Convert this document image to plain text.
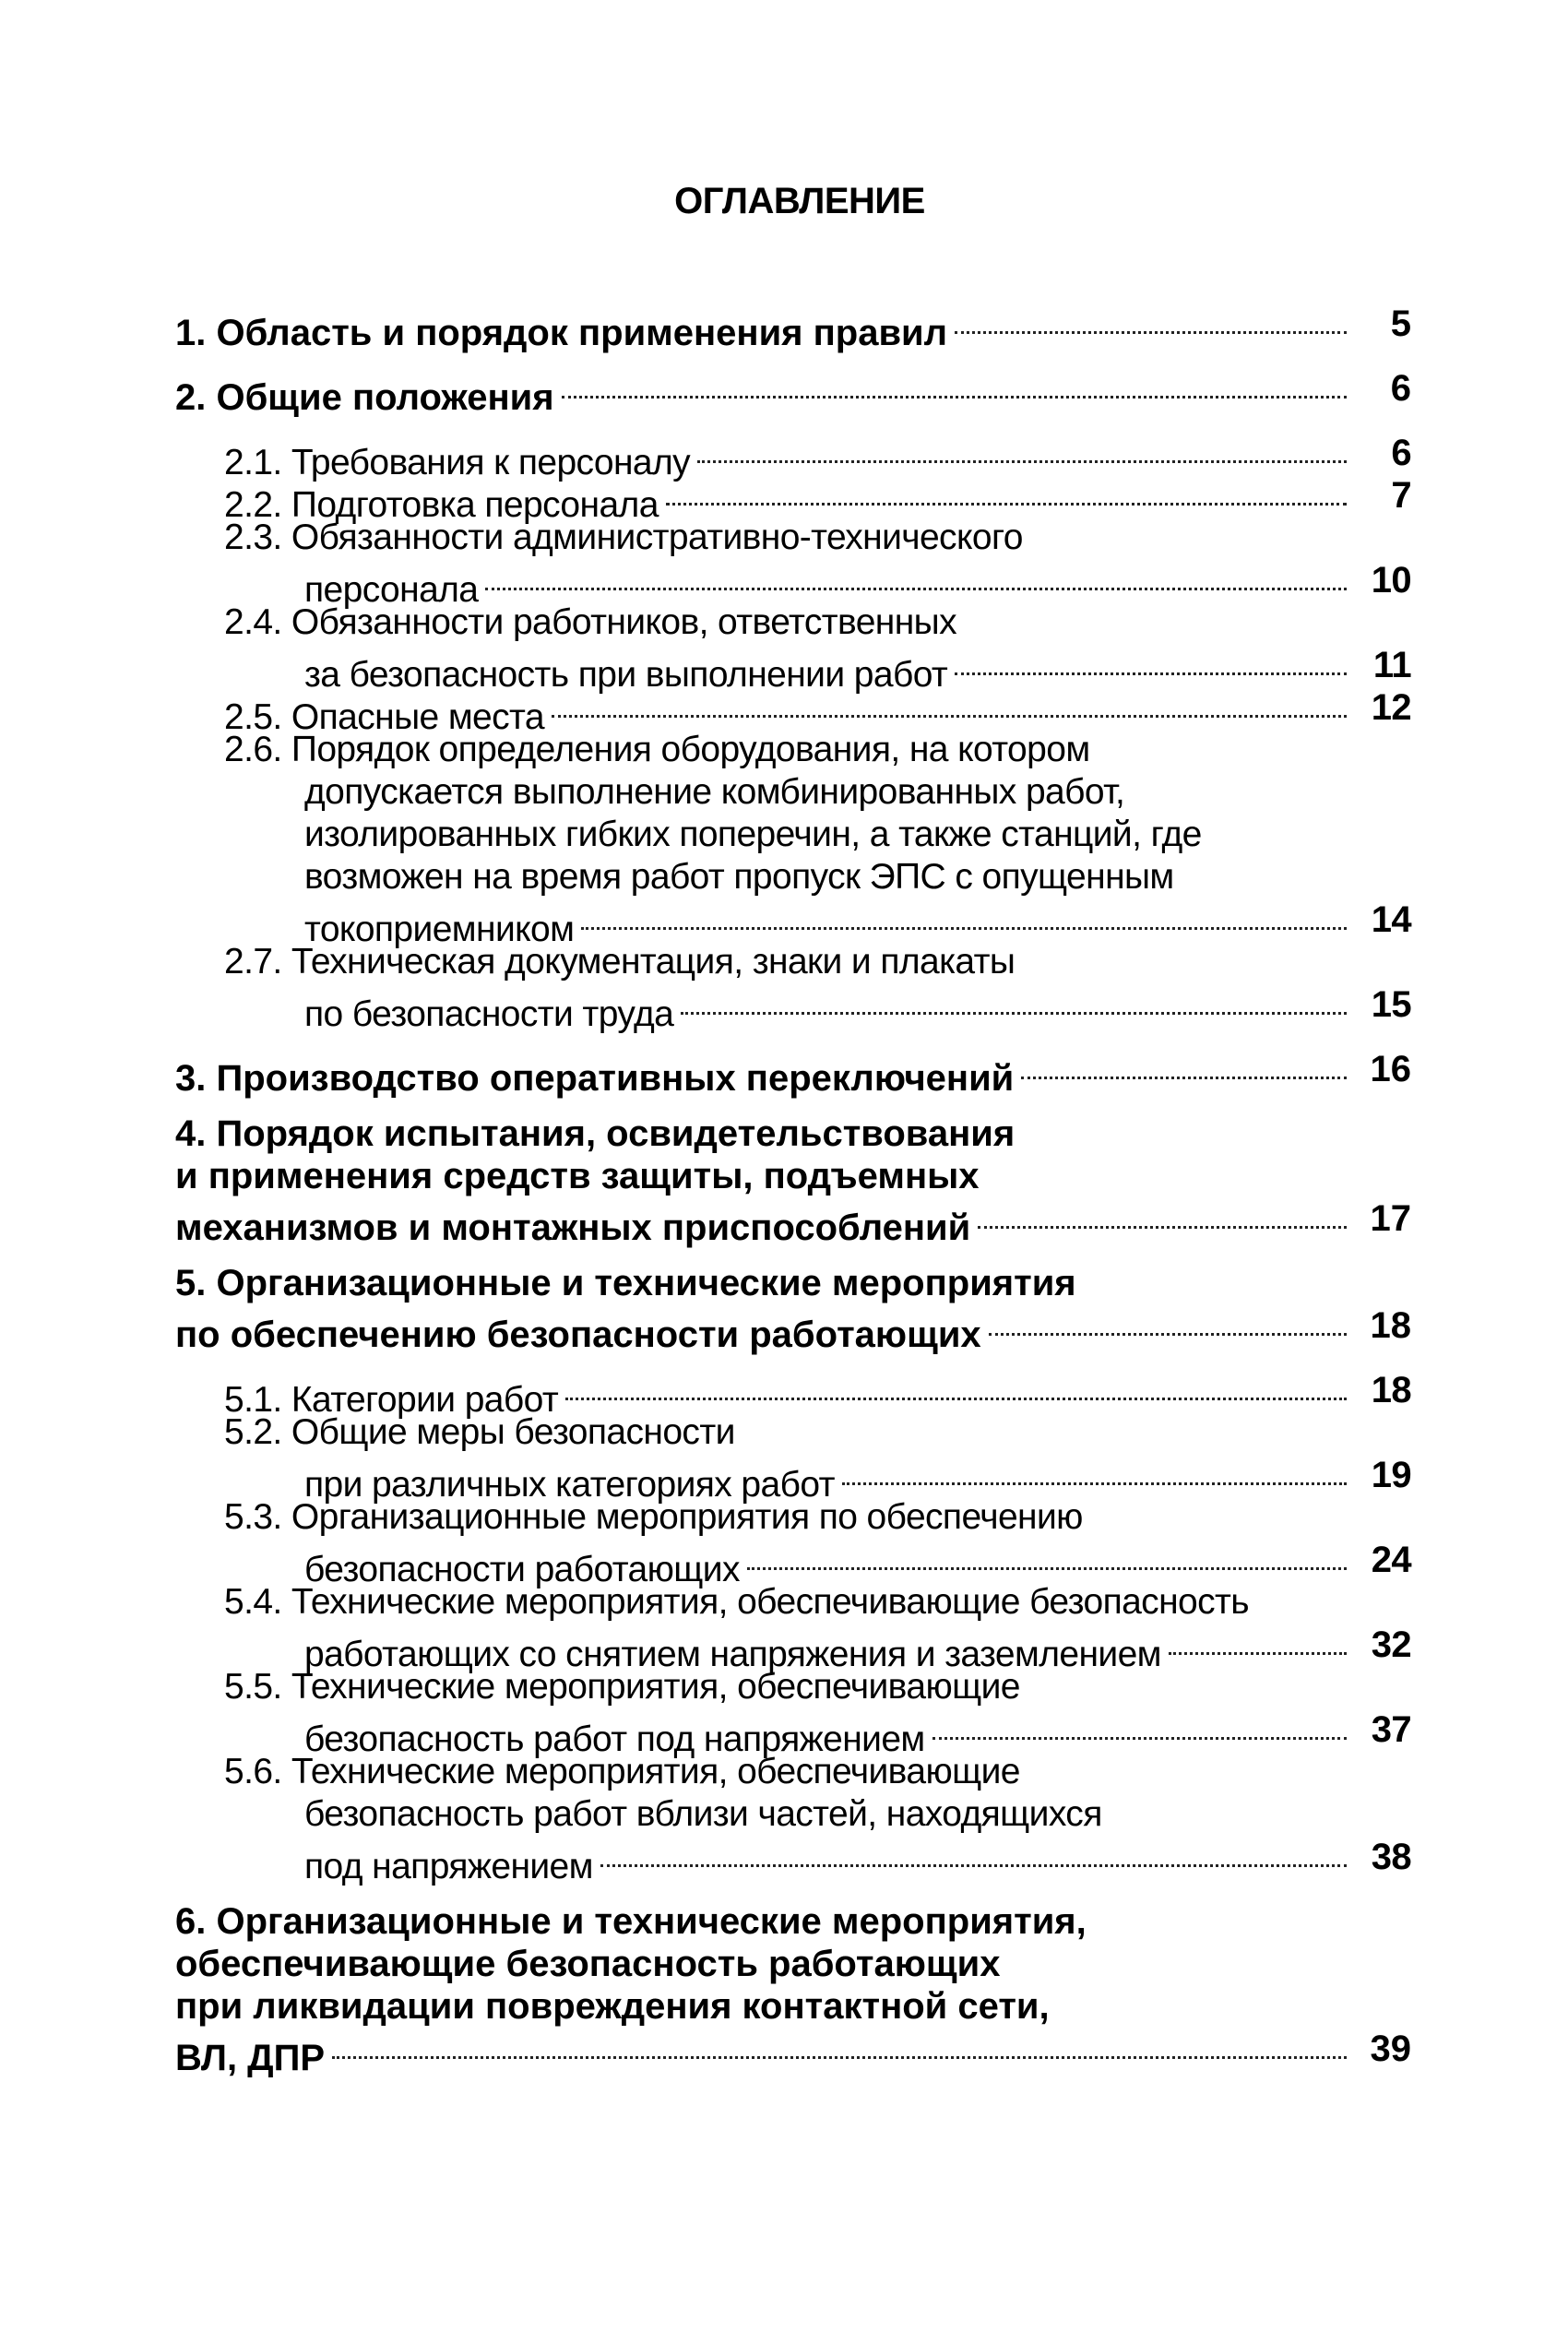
ОГЛАВЛЕНИЕ
1. Область и порядок применения правил	5
2. Общие положения	6
2.1. Требования к персоналу	6
2.2. Подготовка персонала	7
2.3. Обязанности административно-технического
персонала	10
2.4. Обязанности работников, ответственных
за безопасность при выполнении работ	11
2.5. Опасные места	12
2.6. Порядок определения оборудования, на котором
допускается выполнение комбинированных работ,
изолированных гибких поперечин, а также станций, где
возможен на время работ пропуск ЭПС с опущенным
токоприемником	14
2.7. Техническая документация, знаки и плакаты
по безопасности труда	15
3. Производство оперативных переключений	16
4. Порядок испытания, освидетельствования
и применения средств защиты, подъемных
механизмов и монтажных приспособлений	17
5. Организационные и технические мероприятия
по обеспечению безопасности работающих	18
5.1. Категории работ	18
5.2. Общие меры безопасности
при различных категориях работ	19
5.3. Организационные мероприятия по обеспечению
безопасности работающих	24
5.4. Технические мероприятия, обеспечивающие безопасность
работающих со снятием напряжения и заземлением	32
5.5. Технические мероприятия, обеспечивающие
безопасность работ под напряжением	37
5.6. Технические мероприятия, обеспечивающие
безопасность работ вблизи частей, находящихся
под напряжением	38
6. Организационные и технические мероприятия,
обеспечивающие безопасность работающих
при ликвидации повреждения контактной сети,
ВЛ, ДПР	39
